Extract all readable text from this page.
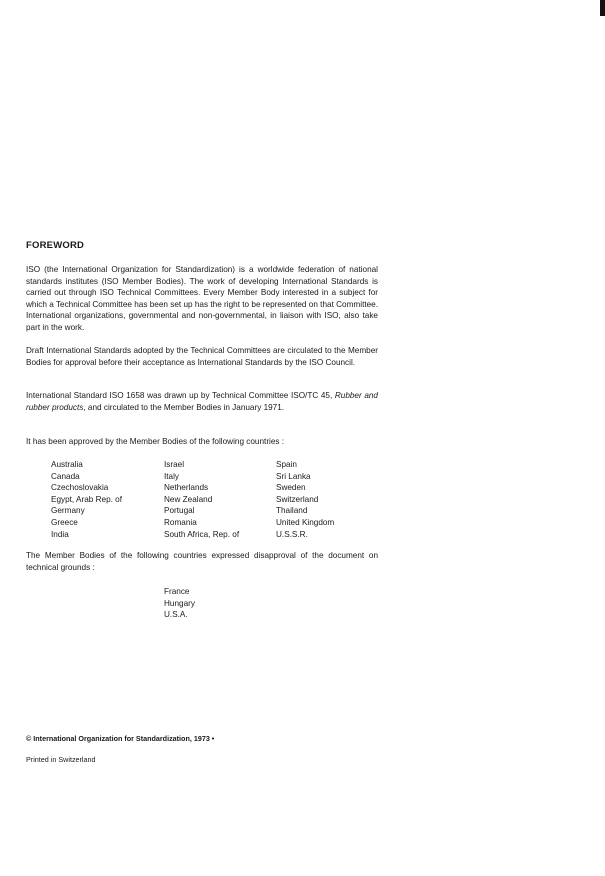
FOREWORD
ISO (the International Organization for Standardization) is a worldwide federation of national standards institutes (ISO Member Bodies). The work of developing International Standards is carried out through ISO Technical Committees. Every Member Body interested in a subject for which a Technical Committee has been set up has the right to be represented on that Committee. International organizations, governmental and non-governmental, in liaison with ISO, also take part in the work.
Draft International Standards adopted by the Technical Committees are circulated to the Member Bodies for approval before their acceptance as International Standards by the ISO Council.
International Standard ISO 1658 was drawn up by Technical Committee ISO/TC 45, Rubber and rubber products, and circulated to the Member Bodies in January 1971.
It has been approved by the Member Bodies of the following countries :
Australia
Canada
Czechoslovakia
Egypt, Arab Rep. of
Germany
Greece
India
Israel
Italy
Netherlands
New Zealand
Portugal
Romania
South Africa, Rep. of
Spain
Sri Lanka
Sweden
Switzerland
Thailand
United Kingdom
U.S.S.R.
The Member Bodies of the following countries expressed disapproval of the document on technical grounds :
France
Hungary
U.S.A.
© International Organization for Standardization, 1973 •
Printed in Switzerland
